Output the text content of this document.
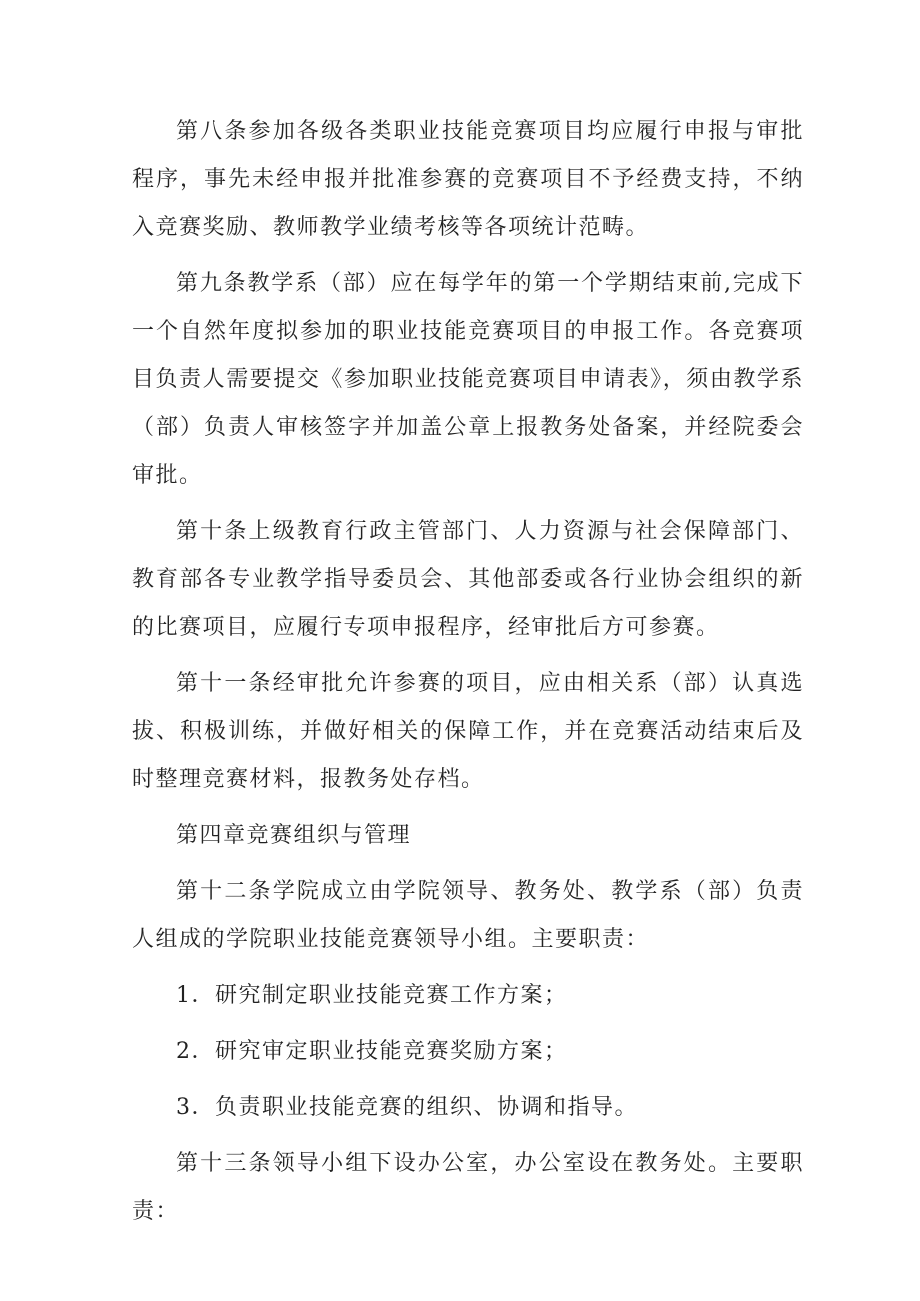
第八条参加各级各类职业技能竞赛项目均应履行申报与审批程序，事先未经申报并批准参赛的竞赛项目不予经费支持，不纳入竞赛奖励、教师教学业绩考核等各项统计范畴。

第九条教学系（部）应在每学年的第一个学期结束前,完成下一个自然年度拟参加的职业技能竞赛项目的申报工作。各竞赛项目负责人需要提交《参加职业技能竞赛项目申请表》，须由教学系（部）负责人审核签字并加盖公章上报教务处备案，并经院委会审批。

第十条上级教育行政主管部门、人力资源与社会保障部门、教育部各专业教学指导委员会、其他部委或各行业协会组织的新的比赛项目，应履行专项申报程序，经审批后方可参赛。

第十一条经审批允许参赛的项目，应由相关系（部）认真选拔、积极训练，并做好相关的保障工作，并在竞赛活动结束后及时整理竞赛材料，报教务处存档。

第四章竞赛组织与管理

第十二条学院成立由学院领导、教务处、教学系（部）负责人组成的学院职业技能竞赛领导小组。主要职责：

1．研究制定职业技能竞赛工作方案；

2．研究审定职业技能竞赛奖励方案；

3．负责职业技能竞赛的组织、协调和指导。

第十三条领导小组下设办公室，办公室设在教务处。主要职责：
